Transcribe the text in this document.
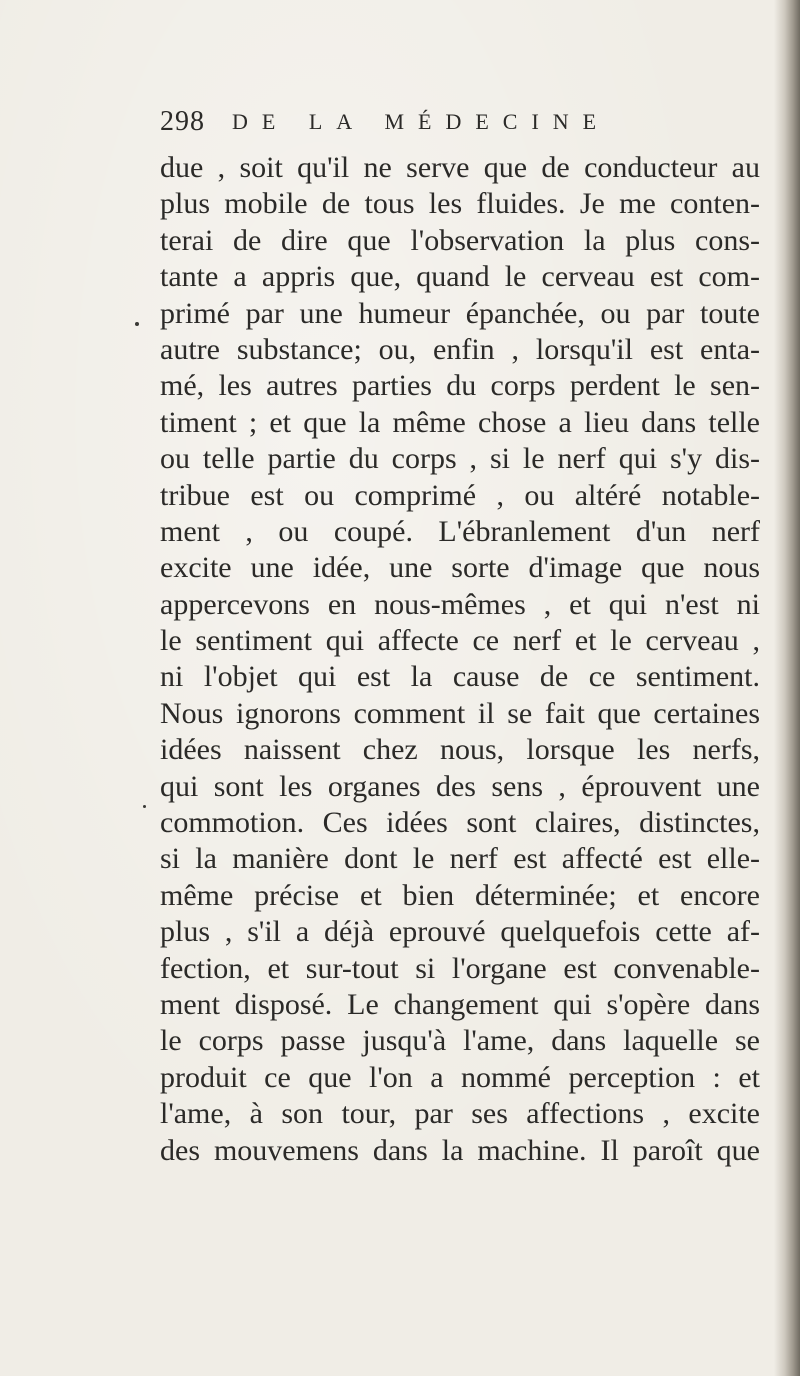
298 DE LA MÉDECINE
due , soit qu'il ne serve que de conducteur au
plus mobile de tous les fluides. Je me conten-
terai de dire que l'observation la plus cons-
tante a appris que, quand le cerveau est com-
primé par une humeur épanchée, ou par toute
autre substance; ou, enfin , lorsqu'il est enta-
mé, les autres parties du corps perdent le sen-
timent ; et que la même chose a lieu dans telle
ou telle partie du corps , si le nerf qui s'y dis-
tribue est ou comprimé , ou altéré notable-
ment , ou coupé. L'ébranlement d'un nerf
excite une idée, une sorte d'image que nous
appercevons en nous-mêmes , et qui n'est ni
le sentiment qui affecte ce nerf et le cerveau ,
ni l'objet qui est la cause de ce sentiment.
Nous ignorons comment il se fait que certaines
idées naissent chez nous, lorsque les nerfs,
qui sont les organes des sens , éprouvent une
commotion. Ces idées sont claires, distinctes,
si la manière dont le nerf est affecté est elle-
même précise et bien déterminée; et encore
plus , s'il a déjà eprouvé quelquefois cette af-
fection, et sur-tout si l'organe est convenable-
ment disposé. Le changement qui s'opère dans
le corps passe jusqu'à l'ame, dans laquelle se
produit ce que l'on a nommé perception : et
l'ame, à son tour, par ses affections , excite
des mouvemens dans la machine. Il paroît que
